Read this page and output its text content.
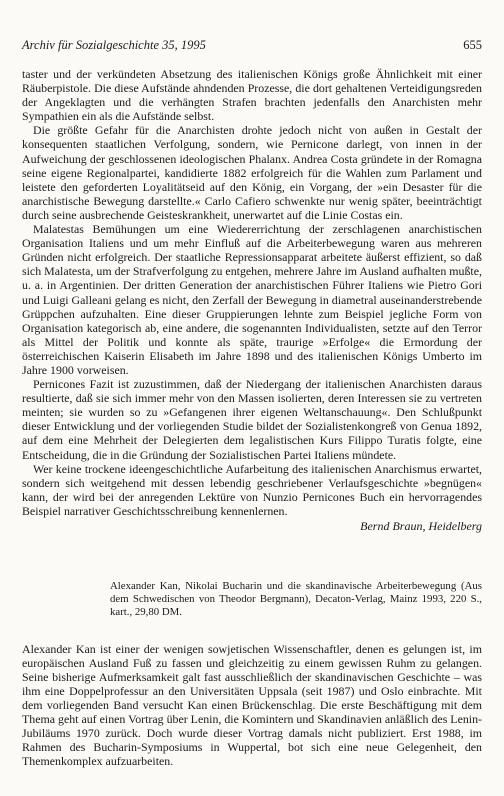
Archiv für Sozialgeschichte 35, 1995	655

taster und der verkündeten Absetzung des italienischen Königs große Ähnlichkeit mit einer Räuberpistole. Die diese Aufstände ahndenden Prozesse, die dort gehaltenen Verteidigungsreden der Angeklagten und die verhängten Strafen brachten jedenfalls den Anarchisten mehr Sympathien ein als die Aufstände selbst.

Die größte Gefahr für die Anarchisten drohte jedoch nicht von außen in Gestalt der konsequenten staatlichen Verfolgung, sondern, wie Pernicone darlegt, von innen in der Aufweichung der geschlossenen ideologischen Phalanx. Andrea Costa gründete in der Romagna seine eigene Regionalpartei, kandidierte 1882 erfolgreich für die Wahlen zum Parlament und leistete den geforderten Loyalitätseid auf den König, ein Vorgang, der »ein Desaster für die anarchistische Bewegung darstellte.« Carlo Cafiero schwenkte nur wenig später, beeinträchtigt durch seine ausbrechende Geisteskrankheit, unerwartet auf die Linie Costas ein.

Malatestas Bemühungen um eine Wiedererrichtung der zerschlagenen anarchistischen Organisation Italiens und um mehr Einfluß auf die Arbeiterbewegung waren aus mehreren Gründen nicht erfolgreich. Der staatliche Repressionsapparat arbeitete äußerst effizient, so daß sich Malatesta, um der Strafverfolgung zu entgehen, mehrere Jahre im Ausland aufhalten mußte, u. a. in Argentinien. Der dritten Generation der anarchistischen Führer Italiens wie Pietro Gori und Luigi Galleani gelang es nicht, den Zerfall der Bewegung in diametral auseinanderstrebende Grüppchen aufzuhalten. Eine dieser Gruppierungen lehnte zum Beispiel jegliche Form von Organisation kategorisch ab, eine andere, die sogenannten Individualisten, setzte auf den Terror als Mittel der Politik und konnte als späte, traurige »Erfolge« die Ermordung der österreichischen Kaiserin Elisabeth im Jahre 1898 und des italienischen Königs Umberto im Jahre 1900 vorweisen.

Pernicones Fazit ist zuzustimmen, daß der Niedergang der italienischen Anarchisten daraus resultierte, daß sie sich immer mehr von den Massen isolierten, deren Interessen sie zu vertreten meinten; sie wurden so zu »Gefangenen ihrer eigenen Weltanschauung«. Den Schlußpunkt dieser Entwicklung und der vorliegenden Studie bildet der Sozialistenkongreß von Genua 1892, auf dem eine Mehrheit der Delegierten dem legalistischen Kurs Filippo Turatis folgte, eine Entscheidung, die in die Gründung der Sozialistischen Partei Italiens mündete.

Wer keine trockene ideengeschichtliche Aufarbeitung des italienischen Anarchismus erwartet, sondern sich weitgehend mit dessen lebendig geschriebener Verlaufsgeschichte »begnügen« kann, der wird bei der anregenden Lektüre von Nunzio Pernicones Buch ein hervorragendes Beispiel narrativer Geschichtsschreibung kennenlernen.

Bernd Braun, Heidelberg
Alexander Kan, Nikolai Bucharin und die skandinavische Arbeiterbewegung (Aus dem Schwedischen von Theodor Bergmann), Decaton-Verlag, Mainz 1993, 220 S., kart., 29,80 DM.

Alexander Kan ist einer der wenigen sowjetischen Wissenschaftler, denen es gelungen ist, im europäischen Ausland Fuß zu fassen und gleichzeitig zu einem gewissen Ruhm zu gelangen. Seine bisherige Aufmerksamkeit galt fast ausschließlich der skandinavischen Geschichte – was ihm eine Doppelprofessur an den Universitäten Uppsala (seit 1987) und Oslo einbrachte. Mit dem vorliegenden Band versucht Kan einen Brückenschlag. Die erste Beschäftigung mit dem Thema geht auf einen Vortrag über Lenin, die Komintern und Skandinavien anläßlich des Lenin-Jubiläums 1970 zurück. Doch wurde dieser Vortrag damals nicht publiziert. Erst 1988, im Rahmen des Bucharin-Symposiums in Wuppertal, bot sich eine neue Gelegenheit, den Themenkomplex aufzuarbeiten.
